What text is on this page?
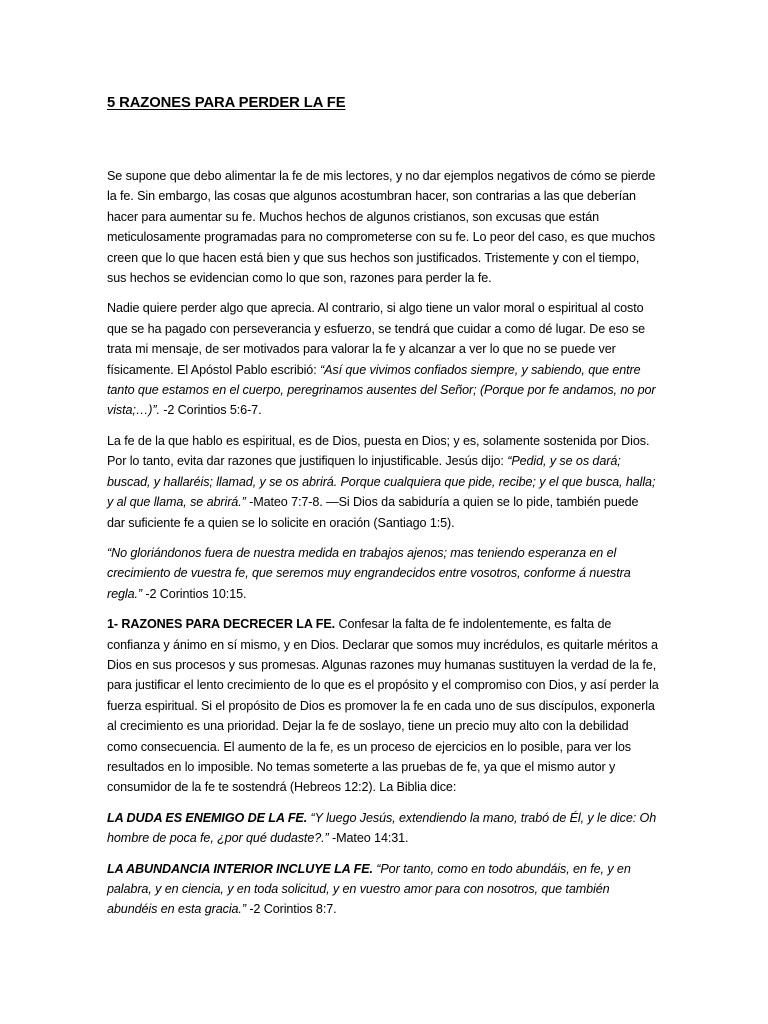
5 RAZONES PARA PERDER LA FE

Se supone que debo alimentar la fe de mis lectores, y no dar ejemplos negativos de cómo se pierde la fe. Sin embargo, las cosas que algunos acostumbran hacer, son contrarias a las que deberían hacer para aumentar su fe. Muchos hechos de algunos cristianos, son excusas que están meticulosamente programadas para no comprometerse con su fe. Lo peor del caso, es que muchos creen que lo que hacen está bien y que sus hechos son justificados. Tristemente y con el tiempo, sus hechos se evidencian como lo que son, razones para perder la fe.

Nadie quiere perder algo que aprecia. Al contrario, si algo tiene un valor moral o espiritual al costo que se ha pagado con perseverancia y esfuerzo, se tendrá que cuidar a como dé lugar. De eso se trata mi mensaje, de ser motivados para valorar la fe y alcanzar a ver lo que no se puede ver físicamente. El Apóstol Pablo escribió: “Así que vivimos confiados siempre, y sabiendo, que entre tanto que estamos en el cuerpo, peregrinamos ausentes del Señor; (Porque por fe andamos, no por vista;…)”. -2 Corintios 5:6-7.

La fe de la que hablo es espiritual, es de Dios, puesta en Dios; y es, solamente sostenida por Dios. Por lo tanto, evita dar razones que justifiquen lo injustificable. Jesús dijo: “Pedid, y se os dará; buscad, y hallaréis; llamad, y se os abrirá. Porque cualquiera que pide, recibe; y el que busca, halla; y al que llama, se abrirá.” -Mateo 7:7-8. —Si Dios da sabiduría a quien se lo pide, también puede dar suficiente fe a quien se lo solicite en oración (Santiago 1:5).

“No gloriándonos fuera de nuestra medida en trabajos ajenos; mas teniendo esperanza en el crecimiento de vuestra fe, que seremos muy engrandecidos entre vosotros, conforme á nuestra regla.” -2 Corintios 10:15.

1- RAZONES PARA DECRECER LA FE. Confesar la falta de fe indolentemente, es falta de confianza y ánimo en sí mismo, y en Dios. Declarar que somos muy incrédulos, es quitarle méritos a Dios en sus procesos y sus promesas. Algunas razones muy humanas sustituyen la verdad de la fe, para justificar el lento crecimiento de lo que es el propósito y el compromiso con Dios, y así perder la fuerza espiritual. Si el propósito de Dios es promover la fe en cada uno de sus discípulos, exponerla al crecimiento es una prioridad. Dejar la fe de soslayo, tiene un precio muy alto con la debilidad como consecuencia. El aumento de la fe, es un proceso de ejercicios en lo posible, para ver los resultados en lo imposible. No temas someterte a las pruebas de fe, ya que el mismo autor y consumidor de la fe te sostendrá (Hebreos 12:2). La Biblia dice:

LA DUDA ES ENEMIGO DE LA FE. “Y luego Jesús, extendiendo la mano, trabó de Él, y le dice: Oh hombre de poca fe, ¿por qué dudaste?.” -Mateo 14:31.

LA ABUNDANCIA INTERIOR INCLUYE LA FE. “Por tanto, como en todo abundáis, en fe, y en palabra, y en ciencia, y en toda solicitud, y en vuestro amor para con nosotros, que también abundéis en esta gracia.” -2 Corintios 8:7.
